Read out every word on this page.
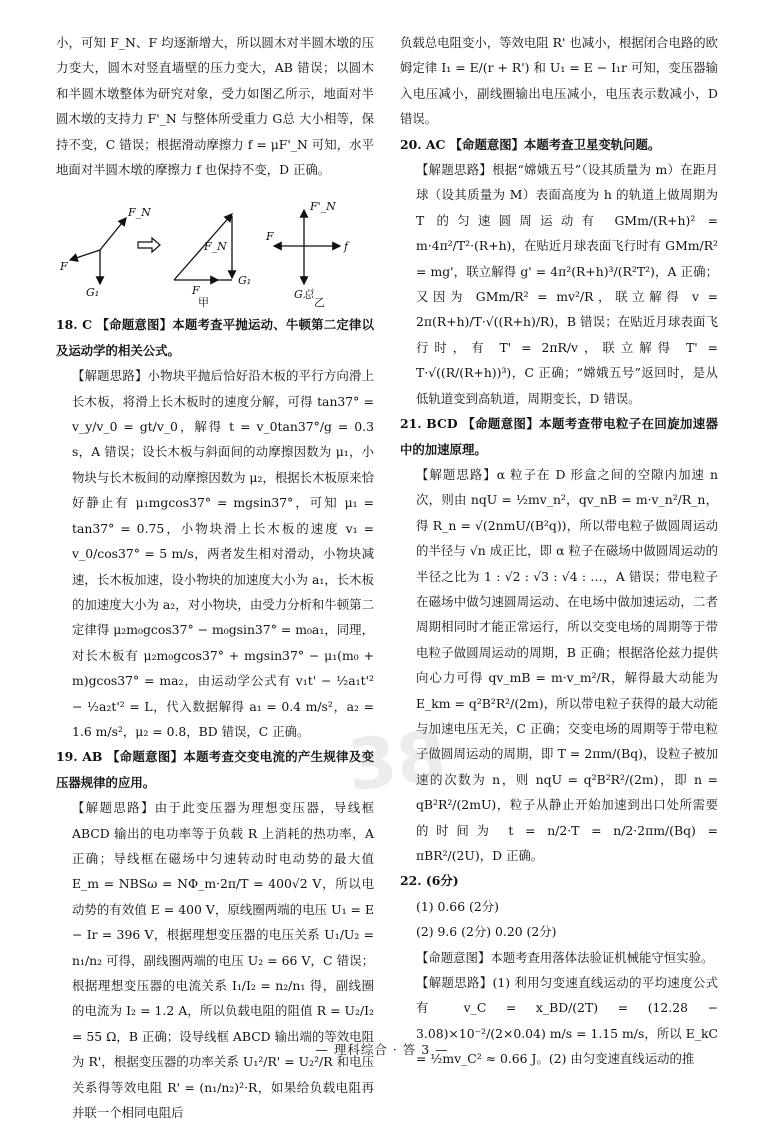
小，可知 F_N、F 均逐渐增大，所以圆木对半圆木墩的压力变大，圆木对竖直墙壁的压力变大，AB 错误；以圆木和半圆木墩整体为研究对象，受力如图乙所示，地面对半圆木墩的支持力 F'_N 与整体所受重力 G总 大小相等，保持不变，C 错误；根据滑动摩擦力 f = μF'_N 可知，水平地面对半圆木墩的摩擦力 f 也保持不变，D 正确。

F_N
F
G₁
F_N
F
G₁
F'_N
F
f
G总
甲	乙

18. C 【命题意图】本题考查平抛运动、牛顿第二定律以及运动学的相关公式。

【解题思路】小物块平抛后恰好沿木板的平行方向滑上长木板，将滑上长木板时的速度分解，可得 tan37° = v_y/v_0 = gt/v_0，解得 t = v_0tan37°/g = 0.3 s，A 错误；设长木板与斜面间的动摩擦因数为 μ₁，小物块与长木板间的动摩擦因数为 μ₂，根据长木板原来恰好静止有 μ₁mgcos37° = mgsin37°，可知 μ₁ = tan37° = 0.75，小物块滑上长木板的速度 v₁ = v_0/cos37° = 5 m/s，两者发生相对滑动，小物块减速，长木板加速，设小物块的加速度大小为 a₁，长木板的加速度大小为 a₂，对小物块，由受力分析和牛顿第二定律得 μ₂m₀gcos37° − m₀gsin37° = m₀a₁，同理，对长木板有 μ₂m₀gcos37° + mgsin37° − μ₁(m₀ + m)gcos37° = ma₂，由运动学公式有 v₁t' − ½a₁t'² − ½a₂t'² = L，代入数据解得 a₁ = 0.4 m/s²，a₂ = 1.6 m/s²，μ₂ = 0.8，BD 错误，C 正确。

19. AB 【命题意图】本题考查交变电流的产生规律及变压器规律的应用。

【解题思路】由于此变压器为理想变压器，导线框 ABCD 输出的电功率等于负载 R 上消耗的热功率，A 正确；导线框在磁场中匀速转动时电动势的最大值 E_m = NBSω = NΦ_m·2π/T = 400√2 V，所以电动势的有效值 E = 400 V，原线圈两端的电压 U₁ = E − Ir = 396 V，根据理想变压器的电压关系 U₁/U₂ = n₁/n₂ 可得，副线圈两端的电压 U₂ = 66 V，C 错误；根据理想变压器的电流关系 I₁/I₂ = n₂/n₁ 得，副线圈的电流为 I₂ = 1.2 A，所以负载电阻的阻值 R = U₂/I₂ = 55 Ω，B 正确；设导线框 ABCD 输出端的等效电阻为 R'，根据变压器的功率关系 U₁²/R' = U₂²/R 和电压关系得等效电阻 R' = (n₁/n₂)²·R，如果给负载电阻再并联一个相同电阻后

负载总电阻变小，等效电阻 R' 也减小，根据闭合电路的欧姆定律 I₁ = E/(r + R') 和 U₁ = E − I₁r 可知，变压器输入电压减小，副线圈输出电压减小，电压表示数减小，D 错误。

20. AC 【命题意图】本题考查卫星变轨问题。

【解题思路】根据“嫦娥五号”（设其质量为 m）在距月球（设其质量为 M）表面高度为 h 的轨道上做周期为 T 的匀速圆周运动有 GMm/(R+h)² = m·4π²/T²·(R+h)，在贴近月球表面飞行时有 GMm/R² = mg'，联立解得 g' = 4π²(R+h)³/(R²T²)，A 正确；又因为 GMm/R² = mv²/R，联立解得 v = 2π(R+h)/T·√((R+h)/R)，B 错误；在贴近月球表面飞行时，有 T' = 2πR/v，联立解得 T' = T·√((R/(R+h))³)，C 正确；“嫦娥五号”返回时，是从低轨道变到高轨道，周期变长，D 错误。

21. BCD 【命题意图】本题考查带电粒子在回旋加速器中的加速原理。

【解题思路】α 粒子在 D 形盒之间的空隙内加速 n 次，则由 nqU = ½mv_n²，qv_nB = m·v_n²/R_n，得 R_n = √(2nmU/(B²q))，所以带电粒子做圆周运动的半径与 √n 成正比，即 α 粒子在磁场中做圆周运动的半径之比为 1 : √2 : √3 : √4 : …，A 错误；带电粒子在磁场中做匀速圆周运动、在电场中做加速运动，二者周期相同时才能正常运行，所以交变电场的周期等于带电粒子做圆周运动的周期，B 正确；根据洛伦兹力提供向心力可得 qv_mB = m·v_m²/R，解得最大动能为 E_km = q²B²R²/(2m)，所以带电粒子获得的最大动能与加速电压无关，C 正确；交变电场的周期等于带电粒子做圆周运动的周期，即 T = 2πm/(Bq)，设粒子被加速的次数为 n，则 nqU = q²B²R²/(2m)，即 n = qB²R²/(2mU)，粒子从静止开始加速到出口处所需要的时间为 t = n/2·T = n/2·2πm/(Bq) = πBR²/(2U)，D 正确。

22. (6分)

(1) 0.66 (2分)

(2) 9.6 (2分) 0.20 (2分)

【命题意图】本题考查用落体法验证机械能守恒实验。

【解题思路】(1) 利用匀变速直线运动的平均速度公式有 v_C = x_BD/(2T) = (12.28 − 3.08)×10⁻²/(2×0.04) m/s = 1.15 m/s，所以 E_kC = ½mv_C² ≈ 0.66 J。(2) 由匀变速直线运动的推

38
— 理科综合 · 答 3 —
